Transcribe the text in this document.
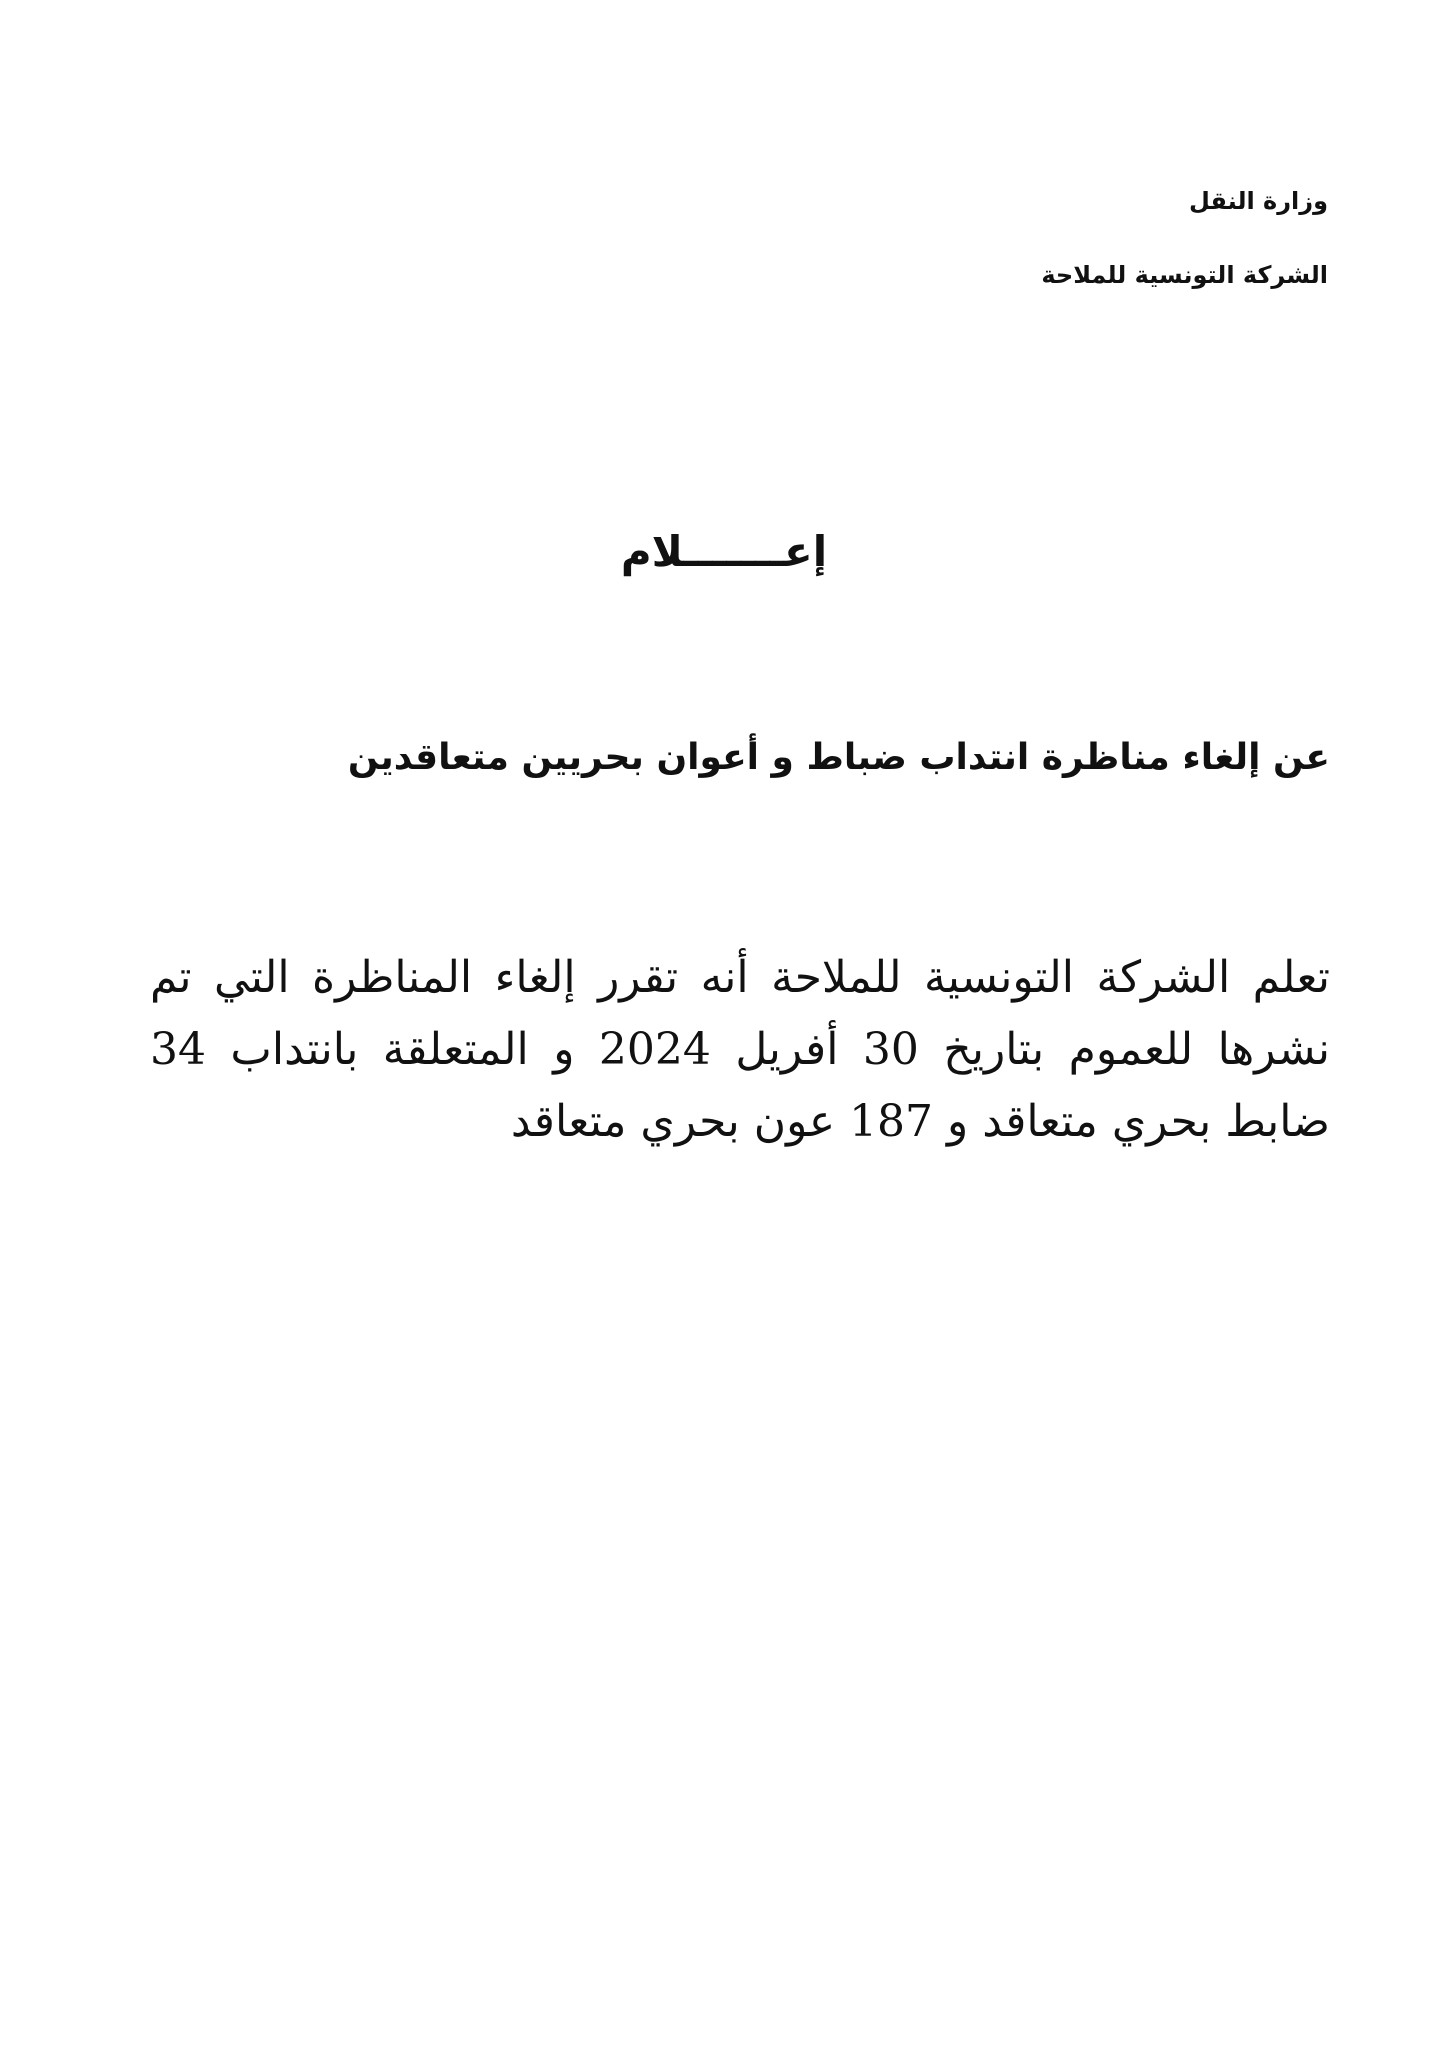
وزارة النقل
الشركة التونسية للملاحة
إعـــــــلام
عن إلغاء مناظرة انتداب ضباط و أعوان بحريين متعاقدين

تعلم الشركة التونسية للملاحة أنه تقرر إلغاء المناظرة التي تم نشرها للعموم بتاريخ 30 أفريل 2024 و المتعلقة بانتداب 34 ضابط بحري متعاقد و 187 عون بحري متعاقد
